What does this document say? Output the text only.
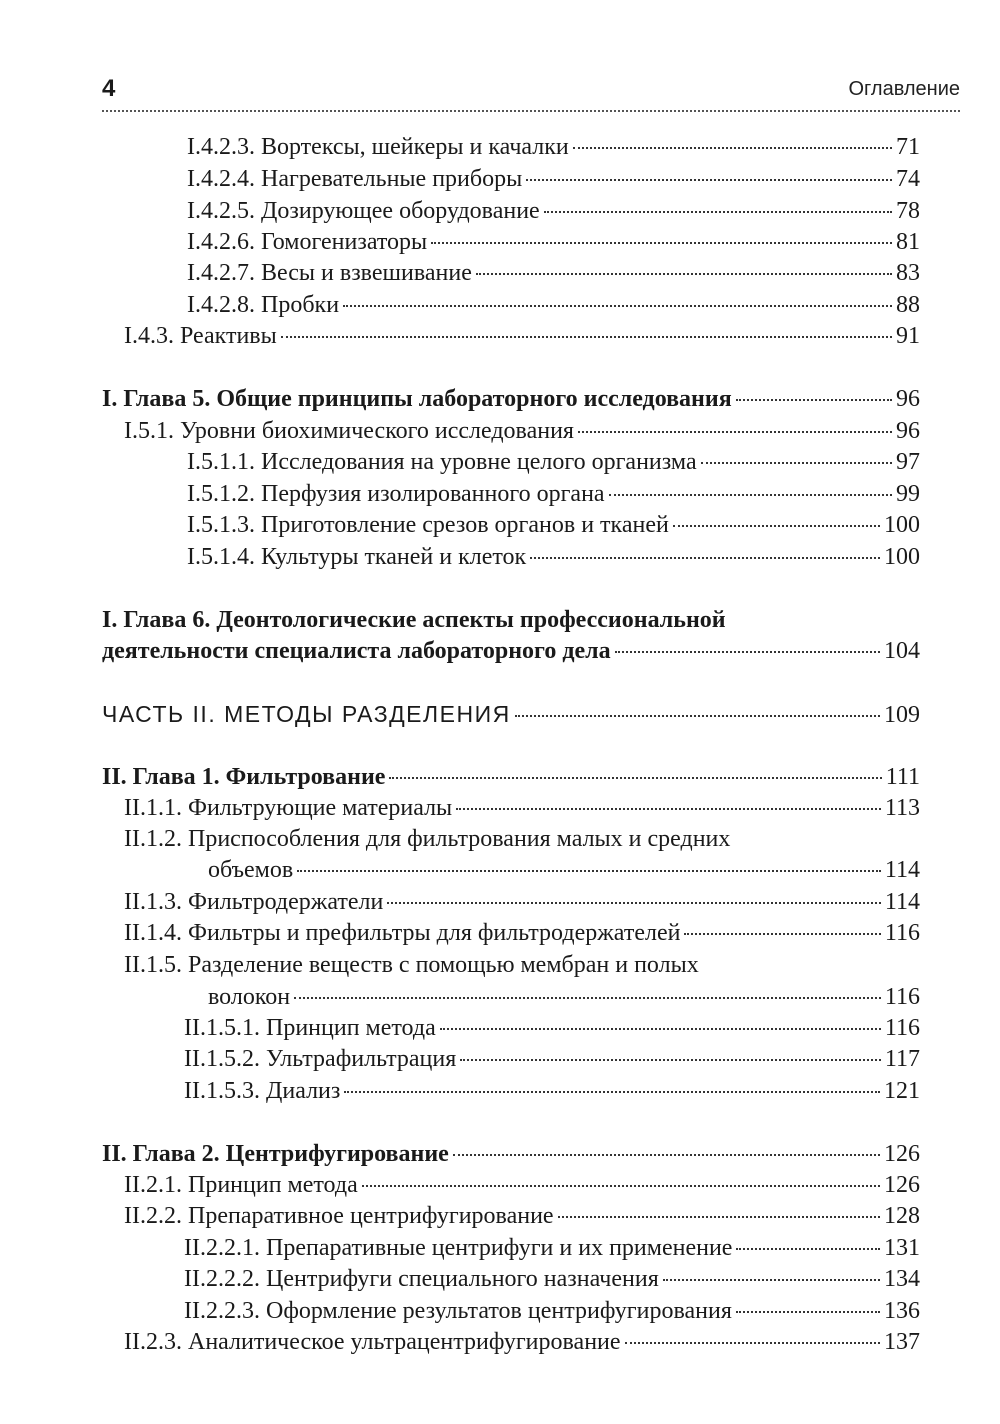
4	Оглавление
I.4.2.3. Вортексы, шейкеры и качалки	71
I.4.2.4. Нагревательные приборы	74
I.4.2.5. Дозирующее оборудование	78
I.4.2.6. Гомогенизаторы	81
I.4.2.7. Весы и взвешивание	83
I.4.2.8. Пробки	88
I.4.3. Реактивы	91
I. Глава 5. Общие принципы лабораторного исследования	96
I.5.1. Уровни биохимического исследования	96
I.5.1.1. Исследования на уровне целого организма	97
I.5.1.2. Перфузия изолированного органа	99
I.5.1.3. Приготовление срезов органов и тканей	100
I.5.1.4. Культуры тканей и клеток	100
I. Глава 6. Деонтологические аспекты профессиональной
деятельности специалиста лабораторного дела	104
ЧАСТЬ II. МЕТОДЫ РАЗДЕЛЕНИЯ	109
II. Глава 1. Фильтрование	111
II.1.1. Фильтрующие материалы	113
II.1.2. Приспособления для фильтрования малых и средних
объемов	114
II.1.3. Фильтродержатели	114
II.1.4. Фильтры и префильтры для фильтродержателей	116
II.1.5. Разделение веществ с помощью мембран и полых
волокон	116
II.1.5.1. Принцип метода	116
II.1.5.2. Ультрафильтрация	117
II.1.5.3. Диализ	121
II. Глава 2. Центрифугирование	126
II.2.1. Принцип метода	126
II.2.2. Препаративное центрифугирование	128
II.2.2.1. Препаративные центрифуги и их применение	131
II.2.2.2. Центрифуги специального назначения	134
II.2.2.3. Оформление результатов центрифугирования	136
II.2.3. Аналитическое ультрацентрифугирование	137
